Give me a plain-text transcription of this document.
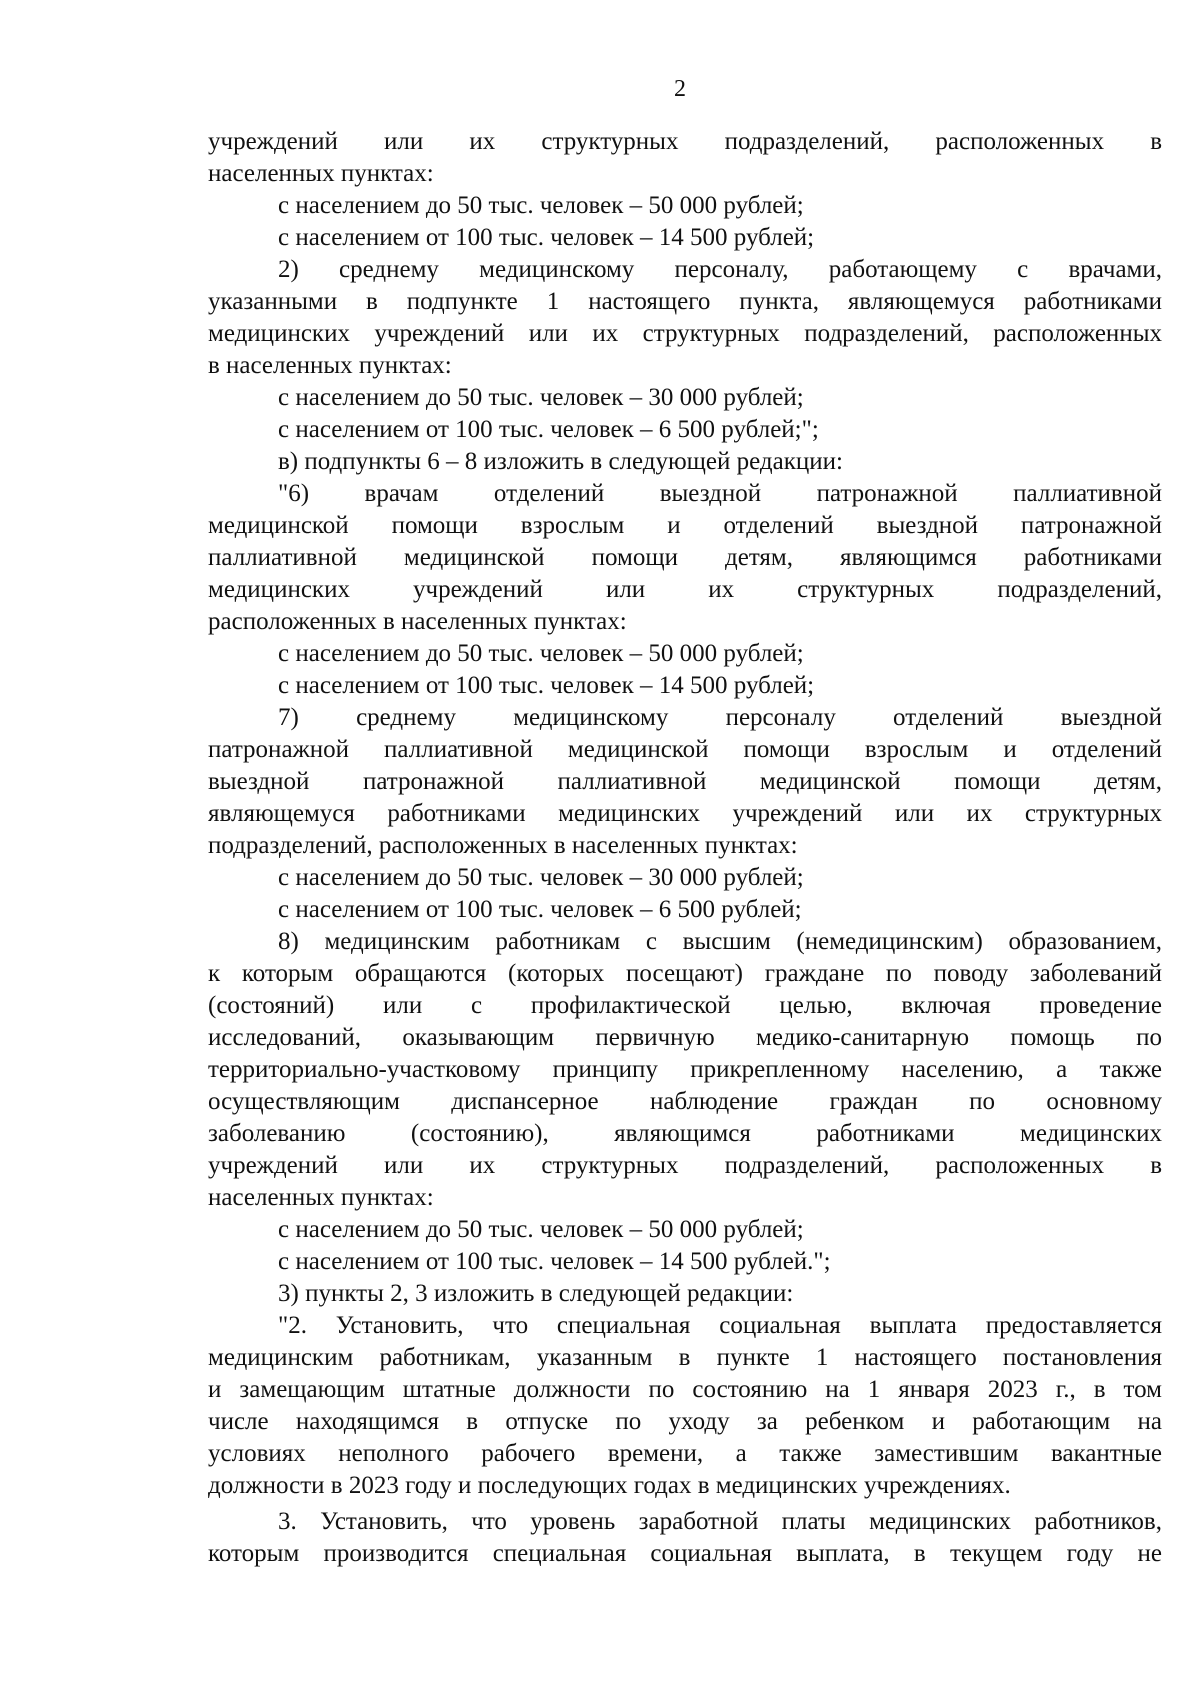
2
учреждений или их структурных подразделений, расположенных в
населенных пунктах:
с населением до 50 тыс. человек – 50 000 рублей;
с населением от 100 тыс. человек – 14 500 рублей;
2) среднему медицинскому персоналу, работающему с врачами,
указанными в подпункте 1 настоящего пункта, являющемуся работниками
медицинских учреждений или их структурных подразделений, расположенных
в населенных пунктах:
с населением до 50 тыс. человек – 30 000 рублей;
с населением от 100 тыс. человек – 6 500 рублей;";
в) подпункты 6 – 8 изложить в следующей редакции:
"6) врачам отделений выездной патронажной паллиативной
медицинской помощи взрослым и отделений выездной патронажной
паллиативной медицинской помощи детям, являющимся работниками
медицинских учреждений или их структурных подразделений,
расположенных в населенных пунктах:
с населением до 50 тыс. человек – 50 000 рублей;
с населением от 100 тыс. человек – 14 500 рублей;
7) среднему медицинскому персоналу отделений выездной
патронажной паллиативной медицинской помощи взрослым и отделений
выездной патронажной паллиативной медицинской помощи детям,
являющемуся работниками медицинских учреждений или их структурных
подразделений, расположенных в населенных пунктах:
с населением до 50 тыс. человек – 30 000 рублей;
с населением от 100 тыс. человек – 6 500 рублей;
8) медицинским работникам с высшим (немедицинским) образованием,
к которым обращаются (которых посещают) граждане по поводу заболеваний
(состояний) или с профилактической целью, включая проведение
исследований, оказывающим первичную медико-санитарную помощь по
территориально-участковому принципу прикрепленному населению, а также
осуществляющим диспансерное наблюдение граждан по основному
заболеванию (состоянию), являющимся работниками медицинских
учреждений или их структурных подразделений, расположенных в
населенных пунктах:
с населением до 50 тыс. человек – 50 000 рублей;
с населением от 100 тыс. человек – 14 500 рублей.";
3) пункты 2, 3 изложить в следующей редакции:
"2. Установить, что специальная социальная выплата предоставляется
медицинским работникам, указанным в пункте 1 настоящего постановления
и замещающим штатные должности по состоянию на 1 января 2023 г., в том
числе находящимся в отпуске по уходу за ребенком и работающим на
условиях неполного рабочего времени, а также заместившим вакантные
должности в 2023 году и последующих годах в медицинских учреждениях.
3. Установить, что уровень заработной платы медицинских работников,
которым производится специальная социальная выплата, в текущем году не
